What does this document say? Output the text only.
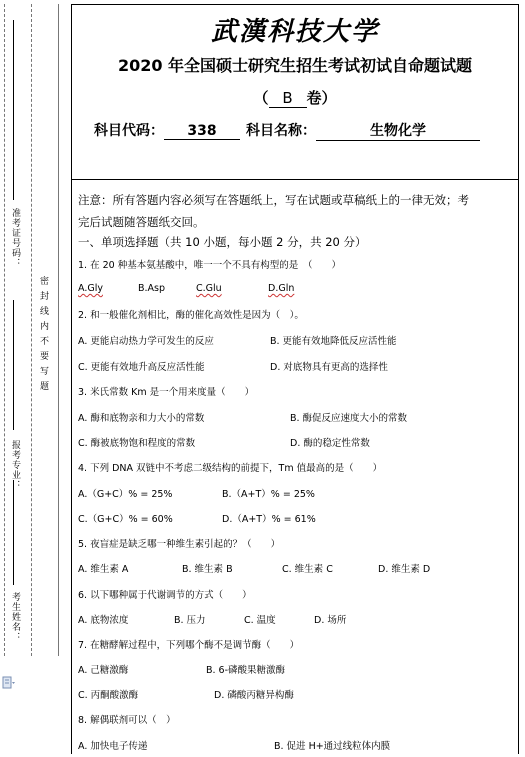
准考证号码：
报考专业：
考生姓名：
密封线内不要写题
武漢科技大学
2020 年全国硕士研究生招生考试初试自命题试题
（ B 卷）
科目代码： 338 科目名称：	生物化学
注意：所有答题内容必须写在答题纸上，写在试题或草稿纸上的一律无效；考
完后试题随答题纸交回。
一、单项选择题（共 10 小题，每小题 2 分，共 20 分）
1. 在 20 种基本氨基酸中，唯一一个不具有构型的是　（　　）
A.Gly	B.Asp	C.Glu	D.Gln
2. 和一般催化剂相比，酶的催化高效性是因为（　）。
A. 更能启动热力学可发生的反应	B. 更能有效地降低反应活性能
C. 更能有效地升高反应活性能	D. 对底物具有更高的选择性
3. 米氏常数 Km 是一个用来度量（　　）
A. 酶和底物亲和力大小的常数	B. 酶促反应速度大小的常数
C. 酶被底物饱和程度的常数	D. 酶的稳定性常数
4. 下列 DNA 双链中不考虑二级结构的前提下，Tm 值最高的是（　　）
A.（G+C）% = 25%	B.（A+T）% = 25%
C.（G+C）% = 60%	D.（A+T）% = 61%
5. 夜盲症是缺乏哪一种维生素引起的？（　　）
A. 维生素 A	B. 维生素 B	C. 维生素 C	D. 维生素 D
6. 以下哪种属于代谢调节的方式（　　）
A. 底物浓度	B. 压力	C. 温度	D. 场所
7. 在糖酵解过程中，下列哪个酶不是调节酶（　　）
A. 己糖激酶	B. 6-磷酸果糖激酶
C. 丙酮酸激酶	D. 磷酸丙糖异构酶
8. 解偶联剂可以（　）
A. 加快电子传递	B. 促进 H+通过线粒体内膜
